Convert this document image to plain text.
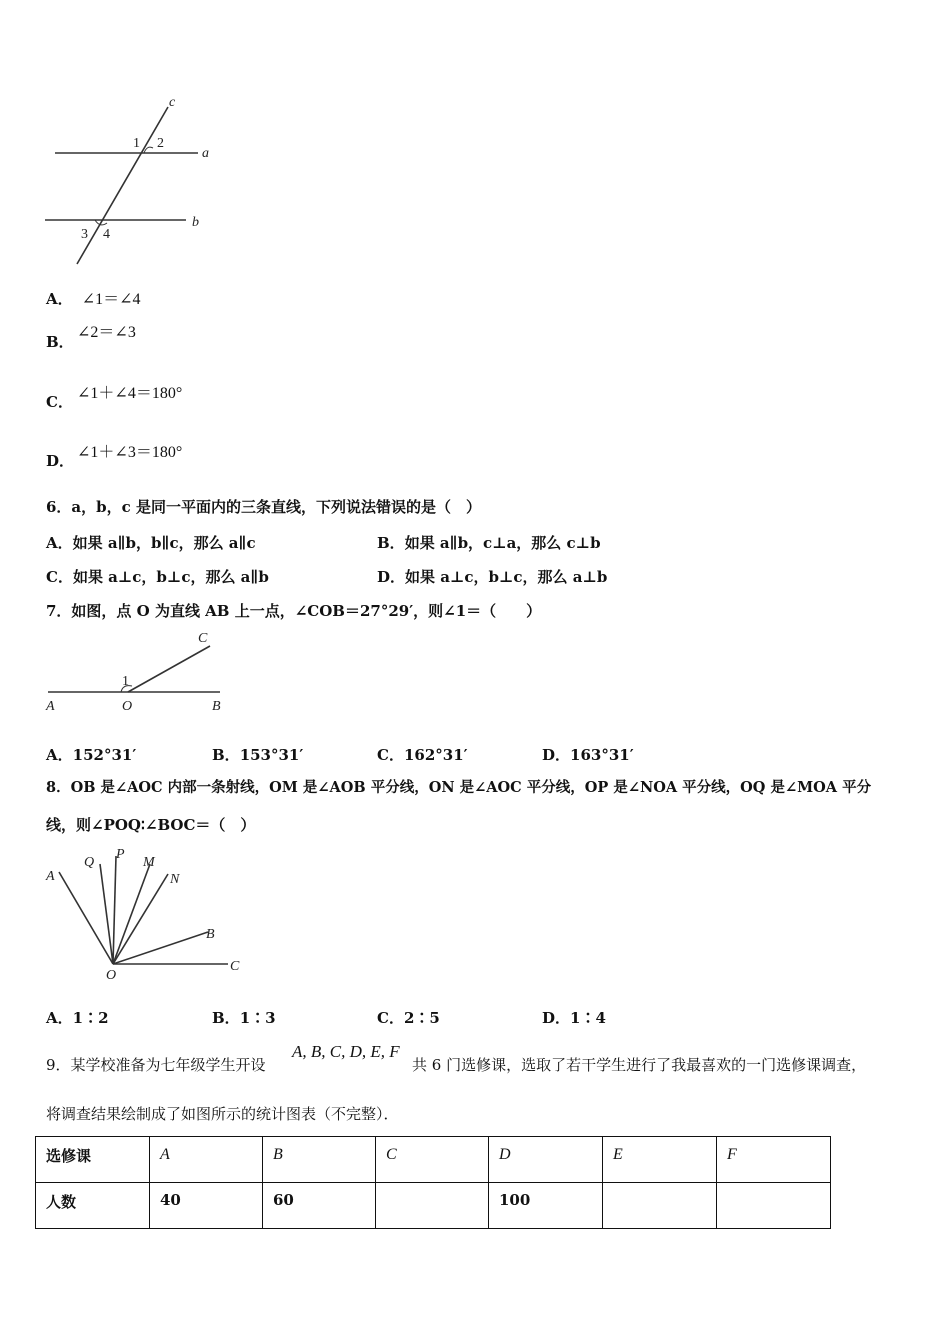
c
a
b
1 2
3 4
A． ∠1＝∠4
B．
∠2＝∠3
C． ∠1＋∠4＝180°
D． ∠1＋∠3＝180°
6．a，b，c 是同一平面内的三条直线，下列说法错误的是（　）
A．如果 a∥b，b∥c，那么 a∥c	B．如果 a∥b，c⊥a，那么 c⊥b
C．如果 a⊥c，b⊥c，那么 a∥b	D．如果 a⊥c，b⊥c，那么 a⊥b
7．如图，点 O 为直线 AB 上一点，∠COB＝27°29′，则∠1＝（　　）
C
1
A	O	B
A．152°31′	B．153°31′	C．162°31′	D．163°31′
8．OB 是∠AOC 内部一条射线，OM 是∠AOB 平分线，ON 是∠AOC 平分线，OP 是∠NOA 平分线，OQ 是∠MOA 平分
线，则∠POQ∶∠BOC＝（　）
A
Q
P
M
N
B
O
C
A．1∶2	B．1∶3	C．2∶5	D．1∶4
9．某学校准备为七年级学生开设
A, B, C, D, E, F
共 6 门选修课，选取了若干学生进行了我最喜欢的一门选修课调查，
将调查结果绘制成了如图所示的统计图表（不完整）．
选修课	A	B	C	D	E	F
人数	40	60		100		
